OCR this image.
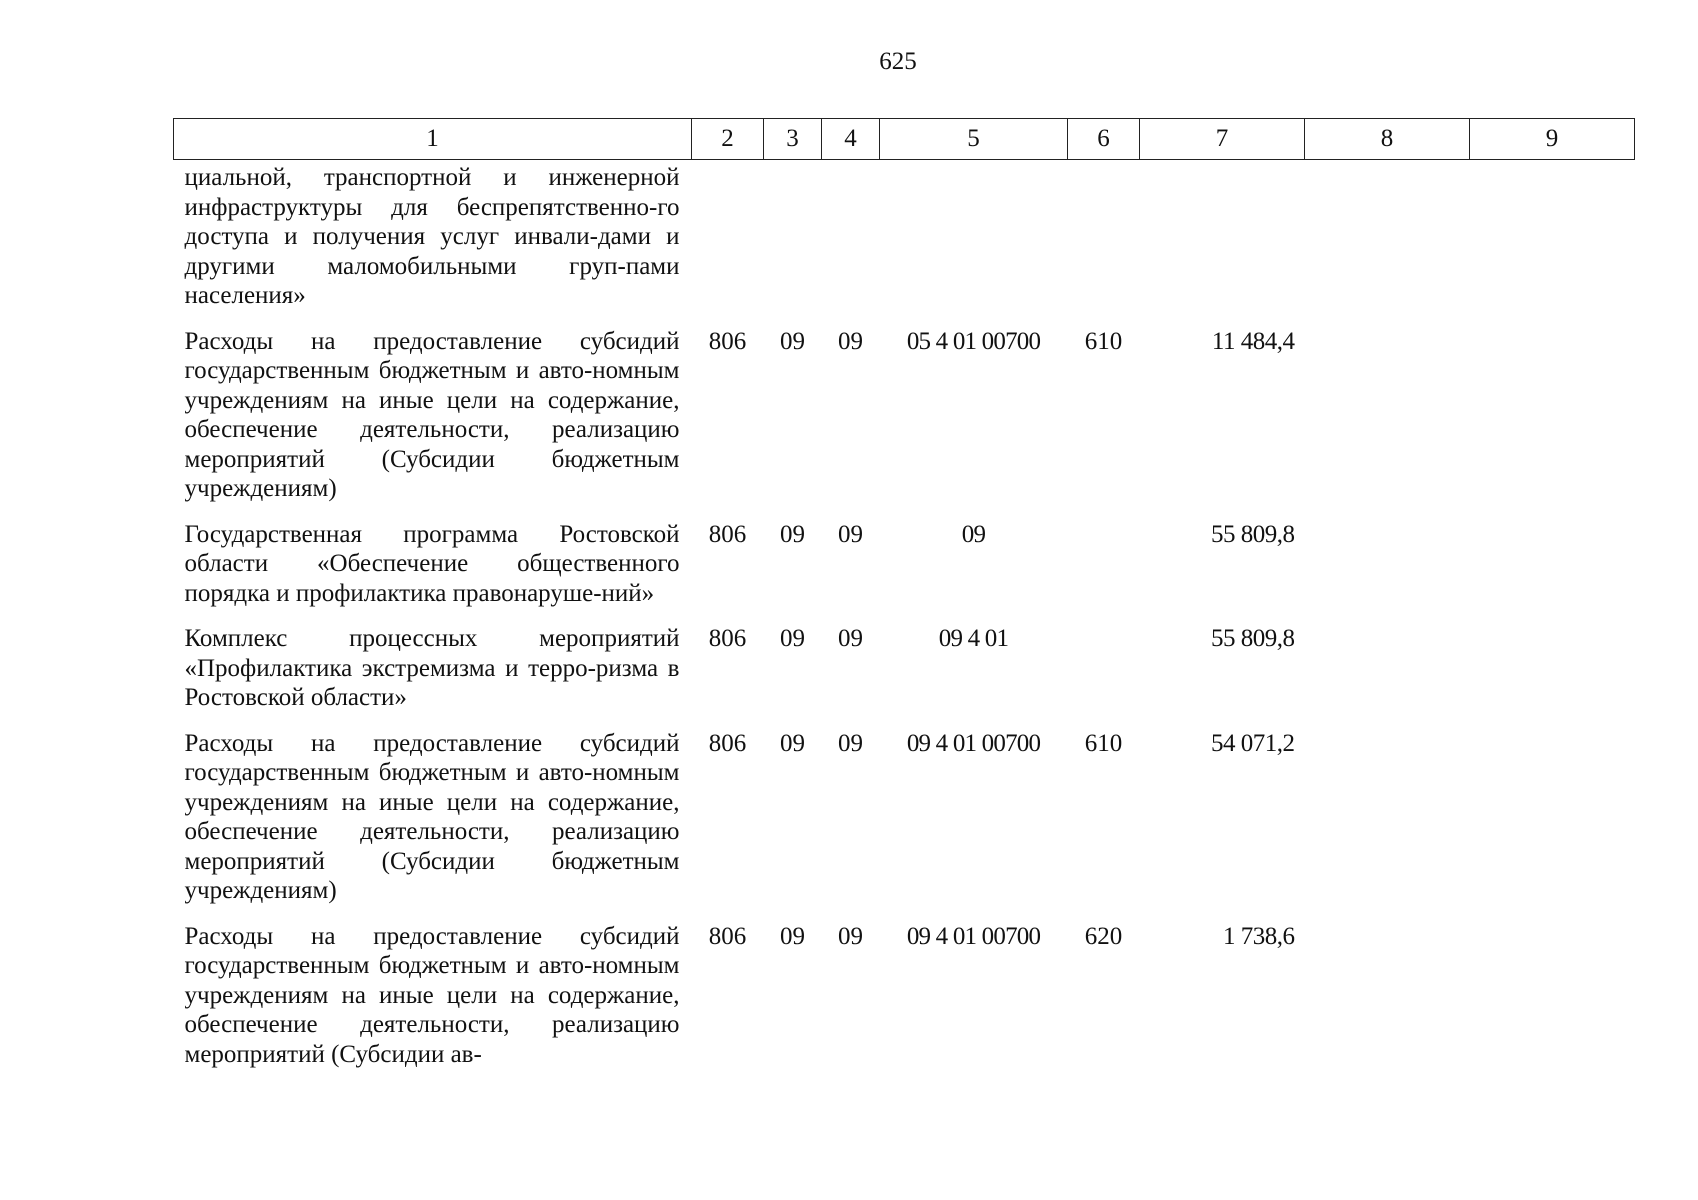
625
1	2	3	4	5	6	7	8	9
циальной, транспортной и инженерной инфраструктуры для беспрепятственно-го доступа и получения услуг инвали-дами и другими маломобильными груп-пами населения»								
Расходы на предоставление субсидий государственным бюджетным и авто-номным учреждениям на иные цели на содержание, обеспечение деятельности, реализацию мероприятий (Субсидии бюджетным учреждениям)	806	09	09	05 4 01 00700	610	11 484,4		
Государственная программа Ростовской области «Обеспечение общественного порядка и профилактика правонаруше-ний»	806	09	09	09		55 809,8		
Комплекс процессных мероприятий «Профилактика экстремизма и терро-ризма в Ростовской области»	806	09	09	09 4 01		55 809,8		
Расходы на предоставление субсидий государственным бюджетным и авто-номным учреждениям на иные цели на содержание, обеспечение деятельности, реализацию мероприятий (Субсидии бюджетным учреждениям)	806	09	09	09 4 01 00700	610	54 071,2		
Расходы на предоставление субсидий государственным бюджетным и авто-номным учреждениям на иные цели на содержание, обеспечение деятельности, реализацию мероприятий (Субсидии ав-	806	09	09	09 4 01 00700	620	1 738,6		
